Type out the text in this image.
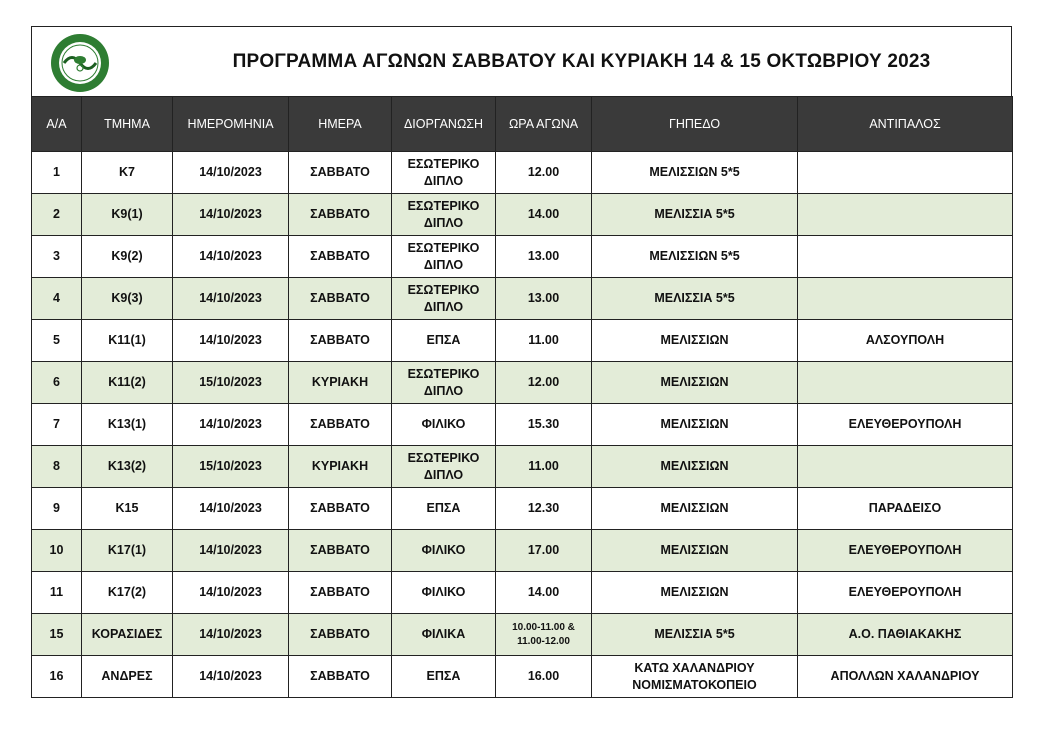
ΠΡΟΓΡΑΜΜΑ ΑΓΩΝΩΝ ΣΑΒΒΑΤΟΥ ΚΑΙ ΚΥΡΙΑΚΗ 14 & 15 ΟΚΤΩΒΡΙΟΥ 2023
Α/Α	ΤΜΗΜΑ	ΗΜΕΡΟΜΗΝΙΑ	ΗΜΕΡΑ	ΔΙΟΡΓΑΝΩΣΗ	ΩΡΑ ΑΓΩΝΑ	ΓΗΠΕΔΟ	ΑΝΤΙΠΑΛΟΣ
1	Κ7	14/10/2023	ΣΑΒΒΑΤΟ	ΕΣΩΤΕΡΙΚΟ ΔΙΠΛΟ	12.00	ΜΕΛΙΣΣΙΩΝ 5*5	
2	Κ9(1)	14/10/2023	ΣΑΒΒΑΤΟ	ΕΣΩΤΕΡΙΚΟ ΔΙΠΛΟ	14.00	ΜΕΛΙΣΣΙΑ 5*5	
3	Κ9(2)	14/10/2023	ΣΑΒΒΑΤΟ	ΕΣΩΤΕΡΙΚΟ ΔΙΠΛΟ	13.00	ΜΕΛΙΣΣΙΩΝ 5*5	
4	Κ9(3)	14/10/2023	ΣΑΒΒΑΤΟ	ΕΣΩΤΕΡΙΚΟ ΔΙΠΛΟ	13.00	ΜΕΛΙΣΣΙΑ 5*5	
5	Κ11(1)	14/10/2023	ΣΑΒΒΑΤΟ	ΕΠΣΑ	11.00	ΜΕΛΙΣΣΙΩΝ	ΑΛΣΟΥΠΟΛΗ
6	Κ11(2)	15/10/2023	ΚΥΡΙΑΚΗ	ΕΣΩΤΕΡΙΚΟ ΔΙΠΛΟ	12.00	ΜΕΛΙΣΣΙΩΝ	
7	Κ13(1)	14/10/2023	ΣΑΒΒΑΤΟ	ΦΙΛΙΚΟ	15.30	ΜΕΛΙΣΣΙΩΝ	ΕΛΕΥΘΕΡΟΥΠΟΛΗ
8	Κ13(2)	15/10/2023	ΚΥΡΙΑΚΗ	ΕΣΩΤΕΡΙΚΟ ΔΙΠΛΟ	11.00	ΜΕΛΙΣΣΙΩΝ	
9	Κ15	14/10/2023	ΣΑΒΒΑΤΟ	ΕΠΣΑ	12.30	ΜΕΛΙΣΣΙΩΝ	ΠΑΡΑΔΕΙΣΟ
10	Κ17(1)	14/10/2023	ΣΑΒΒΑΤΟ	ΦΙΛΙΚΟ	17.00	ΜΕΛΙΣΣΙΩΝ	ΕΛΕΥΘΕΡΟΥΠΟΛΗ
11	Κ17(2)	14/10/2023	ΣΑΒΒΑΤΟ	ΦΙΛΙΚΟ	14.00	ΜΕΛΙΣΣΙΩΝ	ΕΛΕΥΘΕΡΟΥΠΟΛΗ
15	ΚΟΡΑΣΙΔΕΣ	14/10/2023	ΣΑΒΒΑΤΟ	ΦΙΛΙΚΑ	10.00-11.00 & 11.00-12.00	ΜΕΛΙΣΣΙΑ 5*5	Α.Ο. ΠΑΘΙΑΚΑΚΗΣ
16	ΑΝΔΡΕΣ	14/10/2023	ΣΑΒΒΑΤΟ	ΕΠΣΑ	16.00	ΚΑΤΩ ΧΑΛΑΝΔΡΙΟΥ ΝΟΜΙΣΜΑΤΟΚΟΠΕΙΟ	ΑΠΟΛΛΩΝ ΧΑΛΑΝΔΡΙΟΥ
